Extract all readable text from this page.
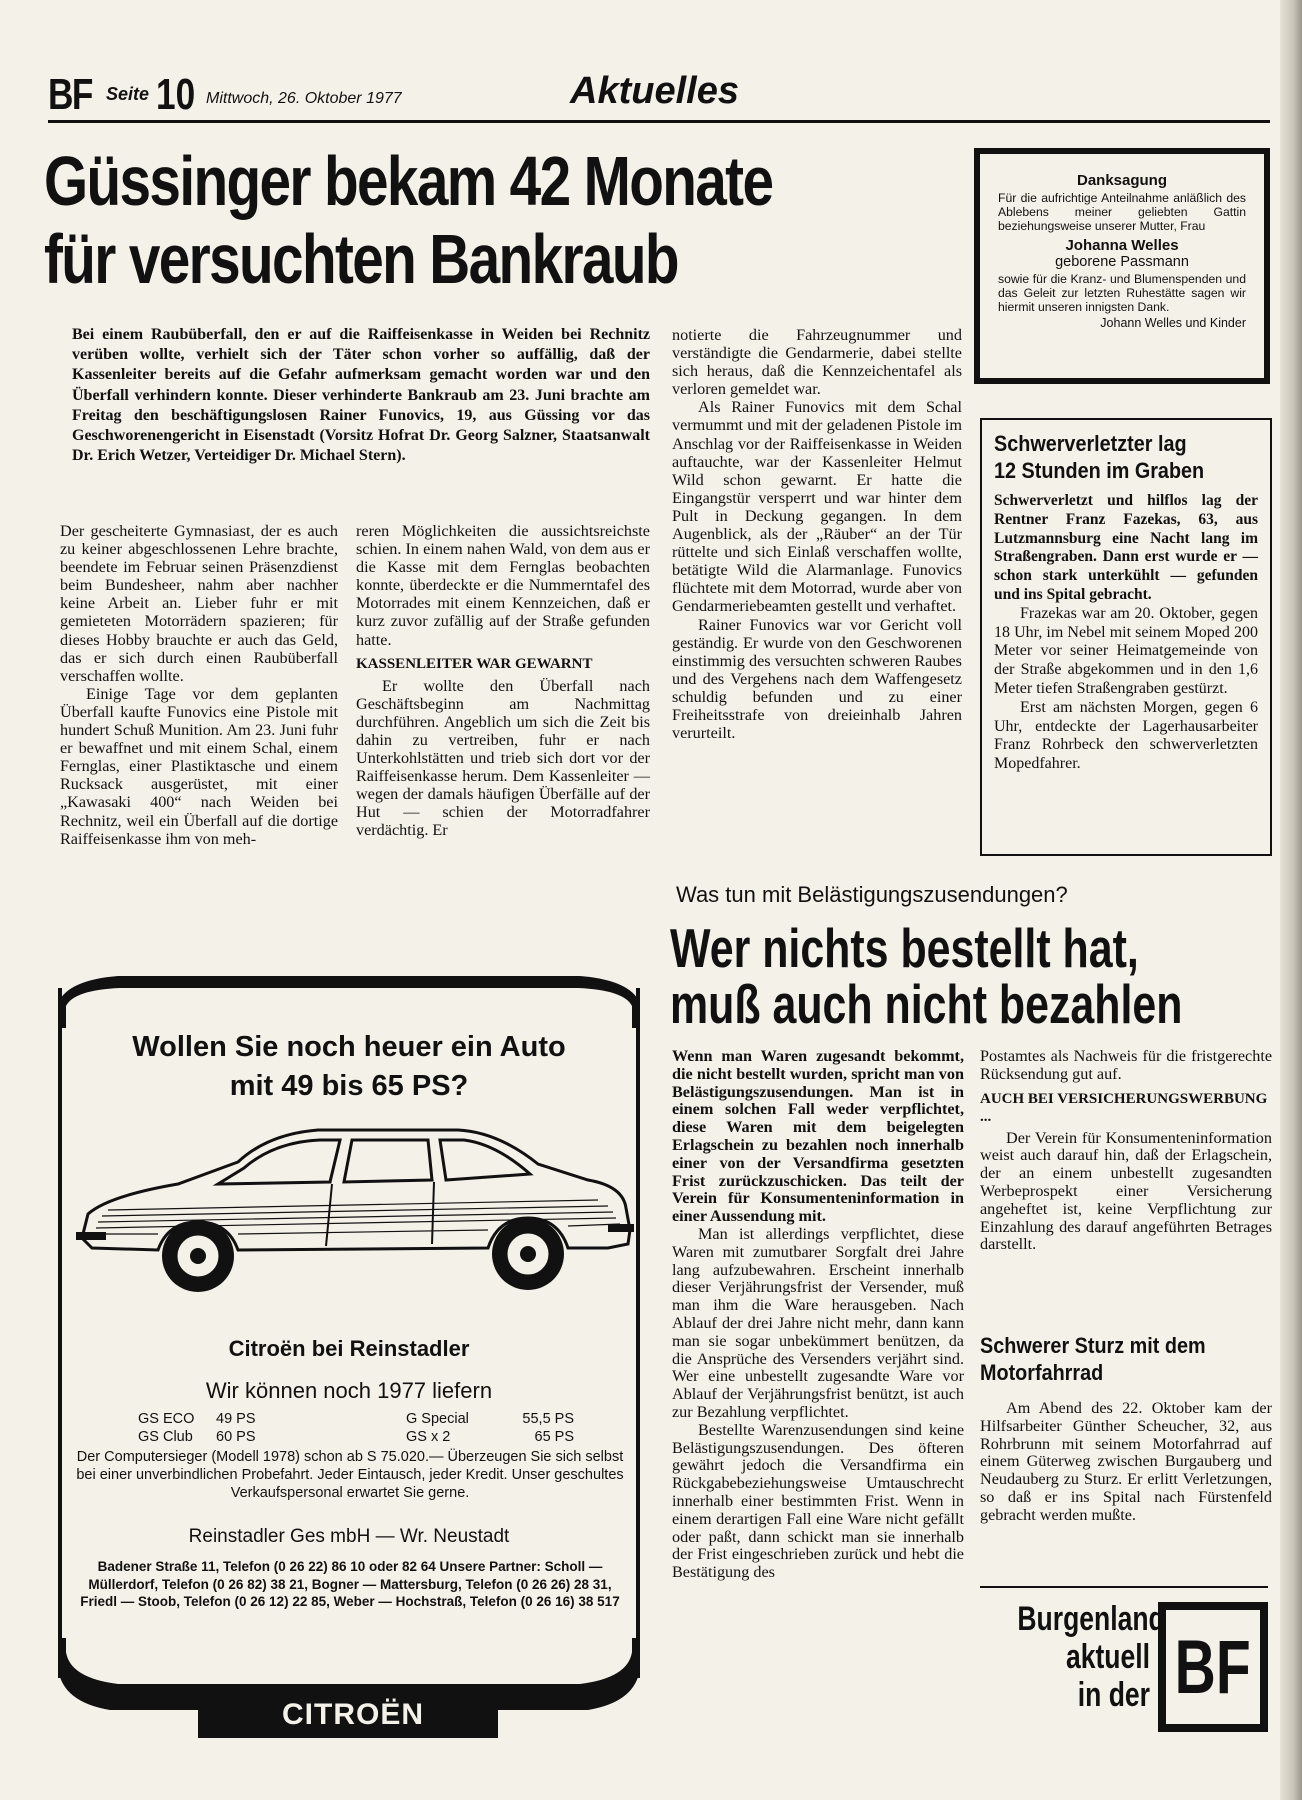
BF Seite 10 Mittwoch, 26. Oktober 1977	Aktuelles
Güssinger bekam 42 Monate
für versuchten Bankraub

Bei einem Raubüberfall, den er auf die Raiffeisenkasse in Weiden bei Rechnitz verüben wollte, verhielt sich der Täter schon vorher so auffällig, daß der Kassenleiter bereits auf die Gefahr aufmerksam gemacht worden war und den Überfall verhindern konnte. Dieser verhinderte Bankraub am 23. Juni brachte am Freitag den beschäftigungslosen Rainer Funovics, 19, aus Güssing vor das Geschworenengericht in Eisenstadt (Vorsitz Hofrat Dr. Georg Salzner, Staatsanwalt Dr. Erich Wetzer, Verteidiger Dr. Michael Stern).

Der gescheiterte Gymnasiast, der es auch zu keiner abgeschlossenen Lehre brachte, beendete im Februar seinen Präsenzdienst beim Bundesheer, nahm aber nachher keine Arbeit an. Lieber fuhr er mit gemieteten Motorrädern spazieren; für dieses Hobby brauchte er auch das Geld, das er sich durch einen Raubüberfall verschaffen wollte.

Einige Tage vor dem geplanten Überfall kaufte Funovics eine Pistole mit hundert Schuß Munition. Am 23. Juni fuhr er bewaffnet und mit einem Schal, einem Fernglas, einer Plastiktasche und einem Rucksack ausgerüstet, mit einer „Kawasaki 400“ nach Weiden bei Rechnitz, weil ein Überfall auf die dortige Raiffeisenkasse ihm von meh-

reren Möglichkeiten die aussichtsreichste schien. In einem nahen Wald, von dem aus er die Kasse mit dem Fernglas beobachten konnte, überdeckte er die Nummerntafel des Motorrades mit einem Kennzeichen, daß er kurz zuvor zufällig auf der Straße gefunden hatte.

KASSENLEITER WAR GEWARNT

Er wollte den Überfall nach Geschäftsbeginn am Nachmittag durchführen. Angeblich um sich die Zeit bis dahin zu vertreiben, fuhr er nach Unterkohlstätten und trieb sich dort vor der Raiffeisenkasse herum. Dem Kassenleiter — wegen der damals häufigen Überfälle auf der Hut — schien der Motorradfahrer verdächtig. Er

notierte die Fahrzeugnummer und verständigte die Gendarmerie, dabei stellte sich heraus, daß die Kennzeichentafel als verloren gemeldet war.

Als Rainer Funovics mit dem Schal vermummt und mit der geladenen Pistole im Anschlag vor der Raiffeisenkasse in Weiden auftauchte, war der Kassenleiter Helmut Wild schon gewarnt. Er hatte die Eingangstür versperrt und war hinter dem Pult in Deckung gegangen. In dem Augenblick, als der „Räuber“ an der Tür rüttelte und sich Einlaß verschaffen wollte, betätigte Wild die Alarmanlage. Funovics flüchtete mit dem Motorrad, wurde aber von Gendarmeriebeamten gestellt und verhaftet.

Rainer Funovics war vor Gericht voll geständig. Er wurde von den Geschworenen einstimmig des versuchten schweren Raubes und des Vergehens nach dem Waffengesetz schuldig befunden und zu einer Freiheitsstrafe von dreieinhalb Jahren verurteilt.

Danksagung
Für die aufrichtige Anteilnahme anläßlich des Ablebens meiner geliebten Gattin beziehungsweise unserer Mutter, Frau
Johanna Welles
geborene Passmann
sowie für die Kranz- und Blumenspenden und das Geleit zur letzten Ruhestätte sagen wir hiermit unseren innigsten Dank.
Johann Welles und Kinder
Schwerverletzter lag
12 Stunden im Graben
Schwerverletzt und hilflos lag der Rentner Franz Fazekas, 63, aus Lutzmannsburg eine Nacht lang im Straßengraben. Dann erst wurde er — schon stark unterkühlt — gefunden und ins Spital gebracht.

Frazekas war am 20. Oktober, gegen 18 Uhr, im Nebel mit seinem Moped 200 Meter vor seiner Heimatgemeinde von der Straße abgekommen und in den 1,6 Meter tiefen Straßengraben gestürzt.

Erst am nächsten Morgen, gegen 6 Uhr, entdeckte der Lagerhausarbeiter Franz Rohrbeck den schwerverletzten Mopedfahrer.

Was tun mit Belästigungszusendungen?
Wer nichts bestellt hat,
muß auch nicht bezahlen

Wenn man Waren zugesandt bekommt, die nicht bestellt wurden, spricht man von Belästigungszusendungen. Man ist in einem solchen Fall weder verpflichtet, diese Waren mit dem beigelegten Erlagschein zu bezahlen noch innerhalb einer von der Versandfirma gesetzten Frist zurückzuschicken. Das teilt der Verein für Konsumenteninformation in einer Aussendung mit.

Man ist allerdings verpflichtet, diese Waren mit zumutbarer Sorgfalt drei Jahre lang aufzubewahren. Erscheint innerhalb dieser Verjährungsfrist der Versender, muß man ihm die Ware herausgeben. Nach Ablauf der drei Jahre nicht mehr, dann kann man sie sogar unbekümmert benützen, da die Ansprüche des Versenders verjährt sind. Wer eine unbestellt zugesandte Ware vor Ablauf der Verjährungsfrist benützt, ist auch zur Bezahlung verpflichtet.

Bestellte Warenzusendungen sind keine Belästigungszusendungen. Des öfteren gewährt jedoch die Versandfirma ein Rückgabebeziehungsweise Umtauschrecht innerhalb einer bestimmten Frist. Wenn in einem derartigen Fall eine Ware nicht gefällt oder paßt, dann schickt man sie innerhalb der Frist eingeschrieben zurück und hebt die Bestätigung des

Postamtes als Nachweis für die fristgerechte Rücksendung gut auf.

AUCH BEI VERSICHERUNGSWERBUNG ...

Der Verein für Konsumenteninformation weist auch darauf hin, daß der Erlagschein, der an einem unbestellt zugesandten Werbeprospekt einer Versicherung angeheftet ist, keine Verpflichtung zur Einzahlung des darauf angeführten Betrages darstellt.

Schwerer Sturz mit dem
Motorfahrrad

Am Abend des 22. Oktober kam der Hilfsarbeiter Günther Scheucher, 32, aus Rohrbrunn mit seinem Motorfahrrad auf einem Güterweg zwischen Burgauberg und Neudauberg zu Sturz. Er erlitt Verletzungen, so daß er ins Spital nach Fürstenfeld gebracht werden mußte.

Burgenland
aktuell
in der BF
Wollen Sie noch heuer ein Auto
mit 49 bis 65 PS?
Citroën bei Reinstadler
Wir können noch 1977 liefern
GS ECO	49 PS	G Special	55,5 PS
GS Club	60 PS	GS x 2	65 PS
Der Computersieger (Modell 1978) schon ab S 75.020.— Überzeugen Sie sich selbst bei einer unverbindlichen Probefahrt. Jeder Eintausch, jeder Kredit. Unser geschultes Verkaufspersonal erwartet Sie gerne.
Reinstadler Ges mbH — Wr. Neustadt
Badener Straße 11, Telefon (0 26 22) 86 10 oder 82 64 Unsere Partner: Scholl — Müllerdorf, Telefon (0 26 82) 38 21, Bogner — Mattersburg, Telefon (0 26 26) 28 31, Friedl — Stoob, Telefon (0 26 12) 22 85, Weber — Hochstraß, Telefon (0 26 16) 38 517
CITROËN
